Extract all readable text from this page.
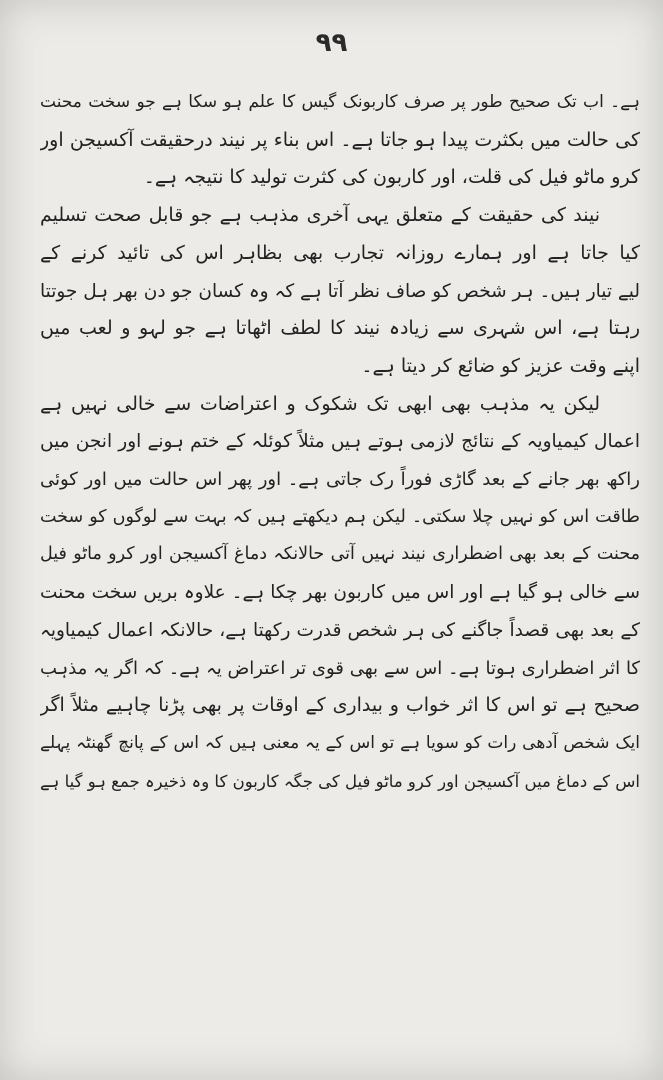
۹۹
ہے۔ اب تک صحیح طور پر صرف کاربونک گیس کا علم ہو سکا ہے جو سخت محنت
کی حالت میں بکثرت پیدا ہو جاتا ہے۔ اس بناء پر نیند درحقیقت آکسیجن اور
کرو ماٹو فیل کی قلت، اور کاربون کی کثرت تولید کا نتیجہ ہے۔
نیند کی حقیقت کے متعلق یہی آخری مذہب ہے جو قابل صحت تسلیم
کیا جاتا ہے اور ہمارے روزانہ تجارب بھی بظاہر اس کی تائید کرنے کے
لیے تیار ہیں۔ ہر شخص کو صاف نظر آتا ہے کہ وہ کسان جو دن بھر ہل جوتتا
رہتا ہے، اس شہری سے زیادہ نیند کا لطف اٹھاتا ہے جو لہو و لعب میں
اپنے وقت عزیز کو ضائع کر دیتا ہے۔
لیکن یہ مذہب بھی ابھی تک شکوک و اعتراضات سے خالی نہیں ہے
اعمال کیمیاویہ کے نتائج لازمی ہوتے ہیں مثلاً کوئلہ کے ختم ہونے اور انجن میں
راکھ بھر جانے کے بعد گاڑی فوراً رک جاتی ہے۔ اور پھر اس حالت میں اور کوئی
طاقت اس کو نہیں چلا سکتی۔ لیکن ہم دیکھتے ہیں کہ بہت سے لوگوں کو سخت
محنت کے بعد بھی اضطراری نیند نہیں آتی حالانکہ دماغ آکسیجن اور کرو ماٹو فیل
سے خالی ہو گیا ہے اور اس میں کاربون بھر چکا ہے۔ علاوہ بریں سخت محنت
کے بعد بھی قصداً جاگنے کی ہر شخص قدرت رکھتا ہے، حالانکہ اعمال کیمیاویہ
کا اثر اضطراری ہوتا ہے۔ اس سے بھی قوی تر اعتراض یہ ہے۔ کہ اگر یہ مذہب
صحیح ہے تو اس کا اثر خواب و بیداری کے اوقات پر بھی پڑنا چاہیے مثلاً اگر
ایک شخص آدھی رات کو سویا ہے تو اس کے یہ معنی ہیں کہ اس کے پانچ گھنٹہ پہلے
اس کے دماغ میں آکسیجن اور کرو ماٹو فیل کی جگہ کاربون کا وہ ذخیرہ جمع ہو گیا ہے
